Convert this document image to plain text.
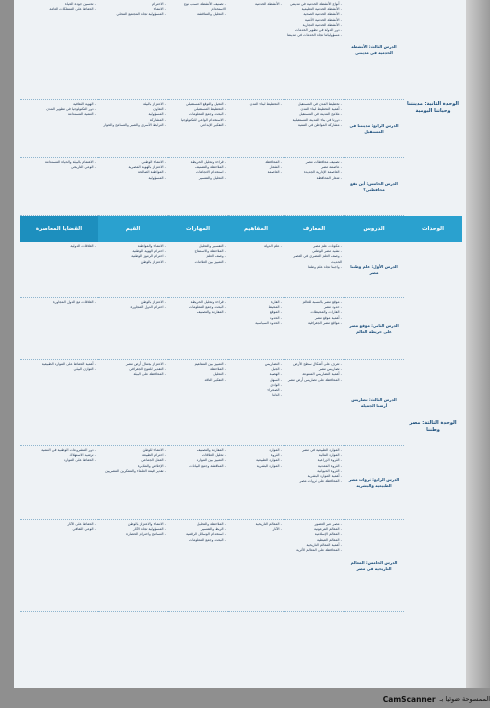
الوحدة الثانية: مدينتنا وحياتنا اليومية
الدرس الثالث: الأنشطة الخدمية في مدينتي
- أنواع الأنشطة الخدمية في مدينتي
- الأنشطة الخدمية التعليمية
- الأنشطة الخدمية الصحية
- الأنشطة الخدمية الأمنية
- الأنشطة الخدمية التجارية
- دور الدولة في تطوير الخدمات
- مسؤولياتنا تجاه الخدمات في مدينتنا
- الأنشطة الخدمية
- تصنيف الأنشطة حسب نوع الاستخدام
- التحليل والمناقشة
- الاحترام
- الانتماء
- المسؤولية تجاه المجتمع المحلي
- تحسين جودة الحياة
- الحفاظ على الممتلكات العامة
الدرس الرابع: مدينتنا في المستقبل
- تخطيط المدن في المستقبل
- أهمية التخطيط لبناء المدن
- ملامح المدينة في المستقبل
- دورنا في بناء المدينة المستقبلية
- مشاركة المواطن في التنمية
- التخطيط لبناء المدن
- التخيل والتوقع المستقبلي
- التخطيط المستقبلي
- البحث وجمع المعلومات
- الاستخدام الواعي للتكنولوجيا
- التفكير الإبداعي
- الاعتزاز بالبيئة
- التعاون
- المسؤولية
- المشاركة
- الترابط الأسري والصبر والتسامح والحوار
- الهوية الثقافية
- دور التكنولوجيا في تطوير المدن
- التنمية المستدامة
الدرس الخامس: أين تقع محافظتي؟
- تصنيف محافظات مصر
- عاصمة مصر
- العاصمة الإدارية الجديدة
- شعار المحافظة
- المحافظة
- الشعار
- العاصمة
- قراءة وتحليل الخريطة
- الملاحظة والتصنيف
- استخدام الاتجاهات
- التحليل والتفسير
- الانتماء الوطني
- الاعتزاز بالهوية المصرية
- المواطنة الصالحة
- المسؤولية
- الاهتمام بالبيئة والحياة المستدامة
- الوعي التاريخي
الوحدات
الدروس
المعارف
المفاهيم
المهارات
القيم
القضايا المعاصرة
الوحدة الثالثة: مصر وطننا
الدرس الأول: علم وطننا مصر
- مكونات علم مصر
- نشيد مصر الوطني
- وصف العلم المصري في العصر الحديث
- واجبنا تجاه علم وطننا
- علم الدولة
- التفسير والتحليل
- الملاحظة والاستنتاج
- وصف العلم
- التمييز بين العلامات
- الانتماء والمواطنة
- احترام الهوية الوطنية
- احترام الرموز الوطنية
- الاعتزاز بالوطن
- العلاقات الدولية
الدرس الثاني: موقع مصر على خريطة العالم
- موقع مصر بالنسبة للعالم
- حدود مصر
- القارات والمحيطات
- أهمية موقع مصر
- مواقع مصر الجغرافية
- القارة
- المحيط
- الموقع
- الحدود
- الحدود السياسية
- قراءة وتحليل الخريطة
- البحث وجمع المعلومات
- المقارنة والتصنيف
- الاعتزاز بالوطن
- احترام الدول المجاورة
- العلاقات مع الدول المجاورة
الدرس الثالث: تضاريس أرضنا الجميلة
- تعرف على أشكال سطح الأرض
- تضاريس مصر
- أهمية التضاريس المتنوعة
- المحافظة على تضاريس أرض مصر
- التضاريس
- الجبل
- الهضبة
- السهل
- الوادي
- الصحراء
- الدلتا
- التمييز بين المفاهيم
- الملاحظة
- التحليل
- التفكير الناقد
- الاعتزاز بجمال أرض مصر
- التقدير للتنوع الجغرافي
- المحافظة على البيئة
- أهمية الحفاظ على الموارد الطبيعية
- التوازن البيئي
الدرس الرابع: ثروات مصر الطبيعية والبشرية
- الموارد الطبيعية في مصر
- الموارد المائية
- الثروة الزراعية
- الثروة المعدنية
- الثروة الحيوانية
- أهمية الموارد البشرية
- المحافظة على ثروات مصر
- الموارد
- الثروة
- الموارد الطبيعية
- الموارد البشرية
- المقارنة والتصنيف
- تحليل العلاقات
- التمييز بين الموارد
- المناقشة وجمع البيانات
- الانتماء للوطن
- احترام الطبيعة
- العمل الجماعي
- الإخلاص والمثابرة
- تقدير قيمة العلماء والمفكرين المصريين
- دور المشروعات الوطنية في التنمية
- ترشيد الاستهلاك
- الحفاظ على الموارد
الدرس الخامس: المعالم التاريخية في مصر
- مصر عبر العصور
- المعالم الفرعونية
- المعالم الإسلامية
- المعالم القبطية
- أهمية المعالم التاريخية
- المحافظة على المعالم الأثرية
- المعالم التاريخية
- الآثار
- الملاحظة والتحليل
- الربط والتفسير
- استخدام الوسائل الرقمية
- البحث وجمع المعلومات
- الانتماء والاعتزاز بالوطن
- المسؤولية تجاه الآثار
- التسامح واحترام الحضارة
- الحفاظ على الآثار
- الوعي الثقافي
CamScanner الممسوحة ضوئيا بـ
